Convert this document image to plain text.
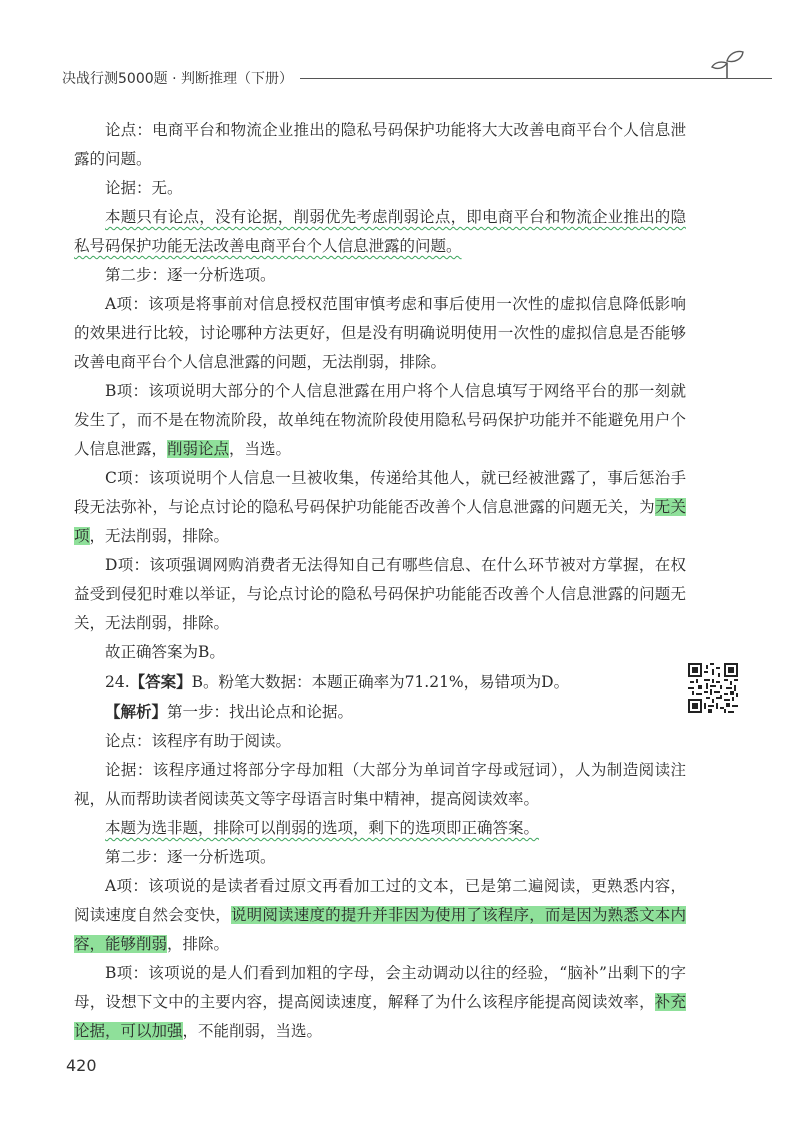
决战行测5000题 · 判断推理（下册）

论点：电商平台和物流企业推出的隐私号码保护功能将大大改善电商平台个人信息泄露的问题。

论据：无。

本题只有论点，没有论据，削弱优先考虑削弱论点，即电商平台和物流企业推出的隐私号码保护功能无法改善电商平台个人信息泄露的问题。

第二步：逐一分析选项。

A项：该项是将事前对信息授权范围审慎考虑和事后使用一次性的虚拟信息降低影响的效果进行比较，讨论哪种方法更好，但是没有明确说明使用一次性的虚拟信息是否能够改善电商平台个人信息泄露的问题，无法削弱，排除。

B项：该项说明大部分的个人信息泄露在用户将个人信息填写于网络平台的那一刻就发生了，而不是在物流阶段，故单纯在物流阶段使用隐私号码保护功能并不能避免用户个人信息泄露，削弱论点，当选。

C项：该项说明个人信息一旦被收集，传递给其他人，就已经被泄露了，事后惩治手段无法弥补，与论点讨论的隐私号码保护功能能否改善个人信息泄露的问题无关，为无关项，无法削弱，排除。

D项：该项强调网购消费者无法得知自己有哪些信息、在什么环节被对方掌握，在权益受到侵犯时难以举证，与论点讨论的隐私号码保护功能能否改善个人信息泄露的问题无关，无法削弱，排除。

故正确答案为B。

24.【答案】B。粉笔大数据：本题正确率为71.21%，易错项为D。

【解析】第一步：找出论点和论据。

论点：该程序有助于阅读。

论据：该程序通过将部分字母加粗（大部分为单词首字母或冠词），人为制造阅读注视，从而帮助读者阅读英文等字母语言时集中精神，提高阅读效率。

本题为选非题，排除可以削弱的选项，剩下的选项即正确答案。

第二步：逐一分析选项。

A项：该项说的是读者看过原文再看加工过的文本，已是第二遍阅读，更熟悉内容，阅读速度自然会变快，说明阅读速度的提升并非因为使用了该程序，而是因为熟悉文本内容，能够削弱，排除。

B项：该项说的是人们看到加粗的字母，会主动调动以往的经验，“脑补”出剩下的字母，设想下文中的主要内容，提高阅读速度，解释了为什么该程序能提高阅读效率，补充论据，可以加强，不能削弱，当选。

420
